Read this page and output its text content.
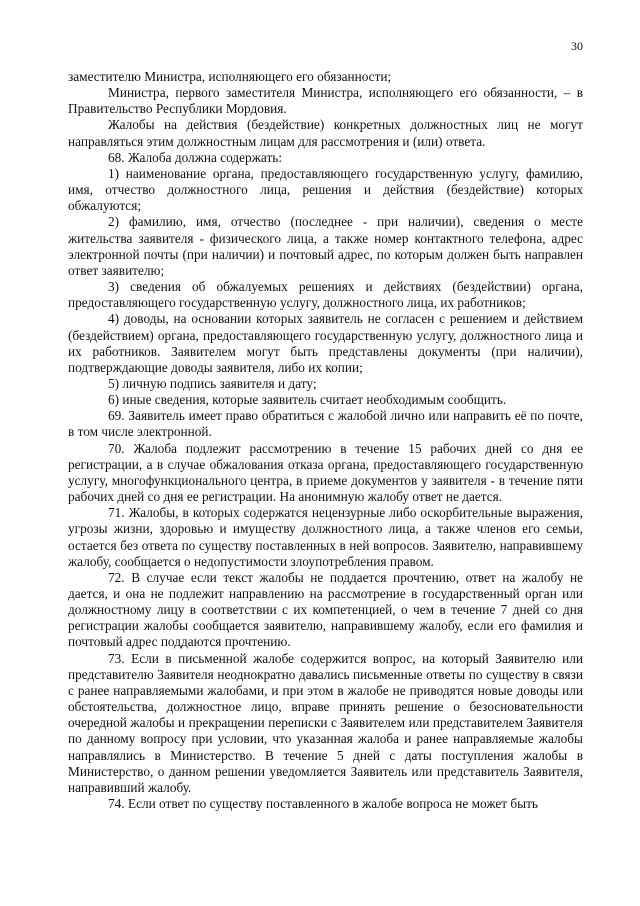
30

заместителю Министра, исполняющего его обязанности;

Министра, первого заместителя Министра, исполняющего его обязанности, – в Правительство Республики Мордовия.

Жалобы на действия (бездействие) конкретных должностных лиц не могут направляться этим должностным лицам для рассмотрения и (или) ответа.

68. Жалоба должна содержать:

1) наименование органа, предоставляющего государственную услугу, фамилию, имя, отчество должностного лица, решения и действия (бездействие) которых обжалуются;

2) фамилию, имя, отчество (последнее - при наличии), сведения о месте жительства заявителя - физического лица, а также номер контактного телефона, адрес электронной почты (при наличии) и почтовый адрес, по которым должен быть направлен ответ заявителю;

3) сведения об обжалуемых решениях и действиях (бездействии) органа, предоставляющего государственную услугу, должностного лица, их работников;

4) доводы, на основании которых заявитель не согласен с решением и действием (бездействием) органа, предоставляющего государственную услугу, должностного лица и их работников. Заявителем могут быть представлены документы (при наличии), подтверждающие доводы заявителя, либо их копии;

5) личную подпись заявителя и дату;

6) иные сведения, которые заявитель считает необходимым сообщить.

69. Заявитель имеет право обратиться с жалобой лично или направить её по почте, в том числе электронной.

70. Жалоба подлежит рассмотрению в течение 15 рабочих дней со дня ее регистрации, а в случае обжалования отказа органа, предоставляющего государственную услугу, многофункционального центра, в приеме документов у заявителя - в течение пяти рабочих дней со дня ее регистрации. На анонимную жалобу ответ не дается.

71. Жалобы, в которых содержатся нецензурные либо оскорбительные выражения, угрозы жизни, здоровью и имуществу должностного лица, а также членов его семьи, остается без ответа по существу поставленных в ней вопросов. Заявителю, направившему жалобу, сообщается о недопустимости злоупотребления правом.

72. В случае если текст жалобы не поддается прочтению, ответ на жалобу не дается, и она не подлежит направлению на рассмотрение в государственный орган или должностному лицу в соответствии с их компетенцией, о чем в течение 7 дней со дня регистрации жалобы сообщается заявителю, направившему жалобу, если его фамилия и почтовый адрес поддаются прочтению.

73. Если в письменной жалобе содержится вопрос, на который Заявителю или представителю Заявителя неоднократно давались письменные ответы по существу в связи с ранее направляемыми жалобами, и при этом в жалобе не приводятся новые доводы или обстоятельства, должностное лицо, вправе принять решение о безосновательности очередной жалобы и прекращении переписки с Заявителем или представителем Заявителя по данному вопросу при условии, что указанная жалоба и ранее направляемые жалобы направлялись в Министерство. В течение 5 дней с даты поступления жалобы в Министерство, о данном решении уведомляется Заявитель или представитель Заявителя, направивший жалобу.

74. Если ответ по существу поставленного в жалобе вопроса не может быть
